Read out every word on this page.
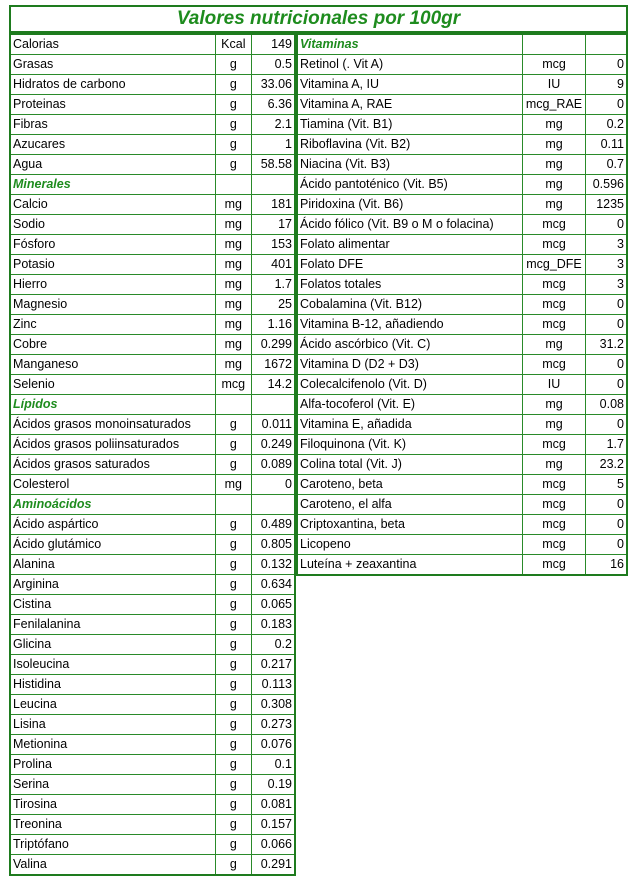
Valores nutricionales por 100gr
Calorias	Kcal	149
Grasas	g	0.5
Hidratos de carbono	g	33.06
Proteinas	g	6.36
Fibras	g	2.1
Azucares	g	1
Agua	g	58.58
Minerales		
Calcio	mg	181
Sodio	mg	17
Fósforo	mg	153
Potasio	mg	401
Hierro	mg	1.7
Magnesio	mg	25
Zinc	mg	1.16
Cobre	mg	0.299
Manganeso	mg	1672
Selenio	mcg	14.2
Lípidos		
Ácidos grasos monoinsaturados	g	0.011
Ácidos grasos poliinsaturados	g	0.249
Ácidos grasos saturados	g	0.089
Colesterol	mg	0
Aminoácidos		
Ácido aspártico	g	0.489
Ácido glutámico	g	0.805
Alanina	g	0.132
Arginina	g	0.634
Cistina	g	0.065
Fenilalanina	g	0.183
Glicina	g	0.2
Isoleucina	g	0.217
Histidina	g	0.113
Leucina	g	0.308
Lisina	g	0.273
Metionina	g	0.076
Prolina	g	0.1
Serina	g	0.19
Tirosina	g	0.081
Treonina	g	0.157
Triptófano	g	0.066
Valina	g	0.291
Vitaminas		
Retinol (. Vit A)	mcg	0
Vitamina A, IU	IU	9
Vitamina A, RAE	mcg_RAE	0
Tiamina (Vit. B1)	mg	0.2
Riboflavina (Vit. B2)	mg	0.11
Niacina (Vit. B3)	mg	0.7
Ácido pantoténico (Vit. B5)	mg	0.596
Piridoxina (Vit. B6)	mg	1235
Ácido fólico (Vit. B9 o M o folacina)	mcg	0
Folato alimentar	mcg	3
Folato DFE	mcg_DFE	3
Folatos totales	mcg	3
Cobalamina (Vit. B12)	mcg	0
Vitamina B-12, añadiendo	mcg	0
Ácido ascórbico (Vit. C)	mg	31.2
Vitamina D (D2 + D3)	mcg	0
Colecalcifenolo (Vit. D)	IU	0
Alfa-tocoferol (Vit. E)	mg	0.08
Vitamina E, añadida	mg	0
Filoquinona (Vit. K)	mcg	1.7
Colina total (Vit. J)	mg	23.2
Caroteno, beta	mcg	5
Caroteno, el alfa	mcg	0
Criptoxantina, beta	mcg	0
Licopeno	mcg	0
Luteína + zeaxantina	mcg	16
